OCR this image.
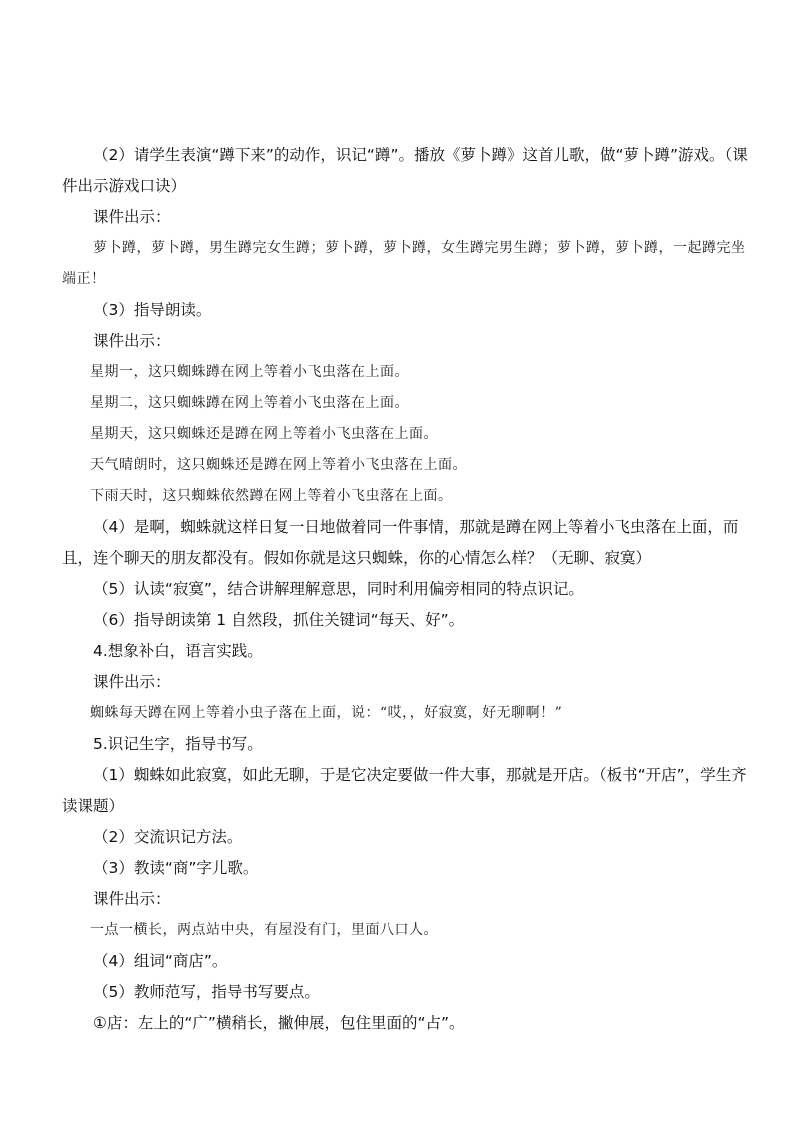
（2）请学生表演“蹲下来”的动作，识记“蹲”。播放《萝卜蹲》这首儿歌，做“萝卜蹲”游戏。（课件出示游戏口诀）

课件出示：

萝卜蹲，萝卜蹲，男生蹲完女生蹲；萝卜蹲，萝卜蹲，女生蹲完男生蹲；萝卜蹲，萝卜蹲，一起蹲完坐端正！

（3）指导朗读。

课件出示：

星期一，这只蜘蛛蹲在网上等着小飞虫落在上面。

星期二，这只蜘蛛蹲在网上等着小飞虫落在上面。

星期天，这只蜘蛛还是蹲在网上等着小飞虫落在上面。

天气晴朗时，这只蜘蛛还是蹲在网上等着小飞虫落在上面。

下雨天时，这只蜘蛛依然蹲在网上等着小飞虫落在上面。

（4）是啊，蜘蛛就这样日复一日地做着同一件事情，那就是蹲在网上等着小飞虫落在上面，而且，连个聊天的朋友都没有。假如你就是这只蜘蛛，你的心情怎么样？（无聊、寂寞）

（5）认读“寂寞”，结合讲解理解意思，同时利用偏旁相同的特点识记。

（6）指导朗读第 1 自然段，抓住关键词“每天、好”。

4.想象补白，语言实践。

课件出示：

蜘蛛每天蹲在网上等着小虫子落在上面，说：“哎，，好寂寞，好无聊啊！”

5.识记生字，指导书写。

（1）蜘蛛如此寂寞，如此无聊，于是它决定要做一件大事，那就是开店。（板书“开店”，学生齐读课题）

（2）交流识记方法。

（3）教读“商”字儿歌。

课件出示：

一点一横长，两点站中央，有屋没有门，里面八口人。

（4）组词“商店”。

（5）教师范写，指导书写要点。

①店：左上的“广”横稍长，撇伸展，包住里面的“占”。
